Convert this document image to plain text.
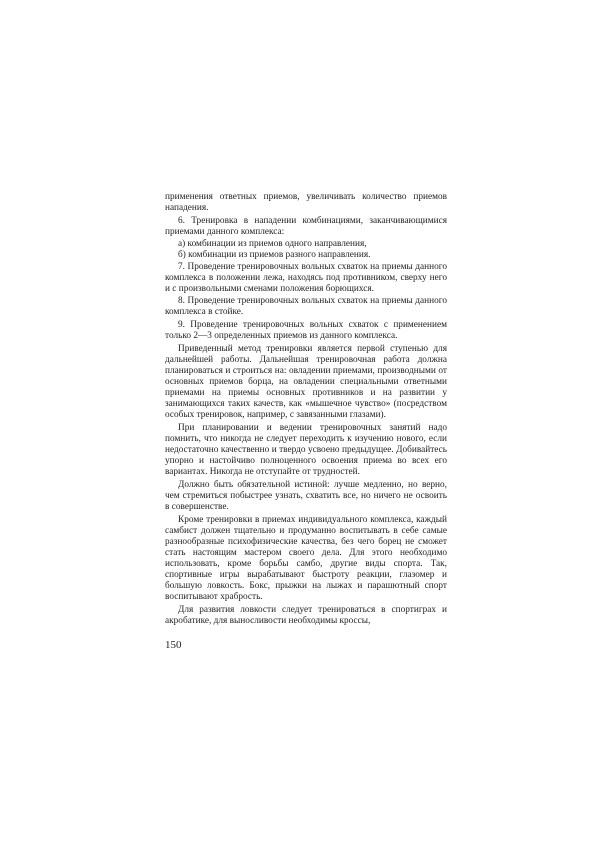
применения ответных приемов, увеличивать количество приемов нападения.

6. Тренировка в нападении комбинациями, заканчивающимися приемами данного комплекса:

а) комбинации из приемов одного направления,

б) комбинации из приемов разного направления.

7. Проведение тренировочных вольных схваток на приемы данного комплекса в положении лежа, находясь под противником, сверху него и с произвольными сменами положения борющихся.

8. Проведение тренировочных вольных схваток на приемы данного комплекса в стойке.

9. Проведение тренировочных вольных схваток с применением только 2—3 определенных приемов из данного комплекса.

Приведенный метод тренировки является первой ступенью для дальнейшей работы. Дальнейшая тренировочная работа должна планироваться и строиться на: овладении приемами, производными от основных приемов борца, на овладении специальными ответными приемами на приемы основных противников и на развитии у занимающихся таких качеств, как «мышечное чувство» (посредством особых тренировок, например, с завязанными глазами).

При планировании и ведении тренировочных занятий надо помнить, что никогда не следует переходить к изучению нового, если недостаточно качественно и твердо усвоено предыдущее. Добивайтесь упорно и настойчиво полноценного освоения приема во всех его вариантах. Никогда не отступайте от трудностей.

Должно быть обязательной истиной: лучше медленно, но верно, чем стремиться побыстрее узнать, схватить все, но ничего не освоить в совершенстве.

Кроме тренировки в приемах индивидуального комплекса, каждый самбист должен тщательно и продуманно воспитывать в себе самые разнообразные психофизические качества, без чего борец не сможет стать настоящим мастером своего дела. Для этого необходимо использовать, кроме борьбы самбо, другие виды спорта. Так, спортивные игры вырабатывают быстроту реакции, глазомер и большую ловкость. Бокс, прыжки на лыжах и парашютный спорт воспитывают храбрость.

Для развития ловкости следует тренироваться в спортиграх и акробатике, для выносливости необходимы кроссы,

150
